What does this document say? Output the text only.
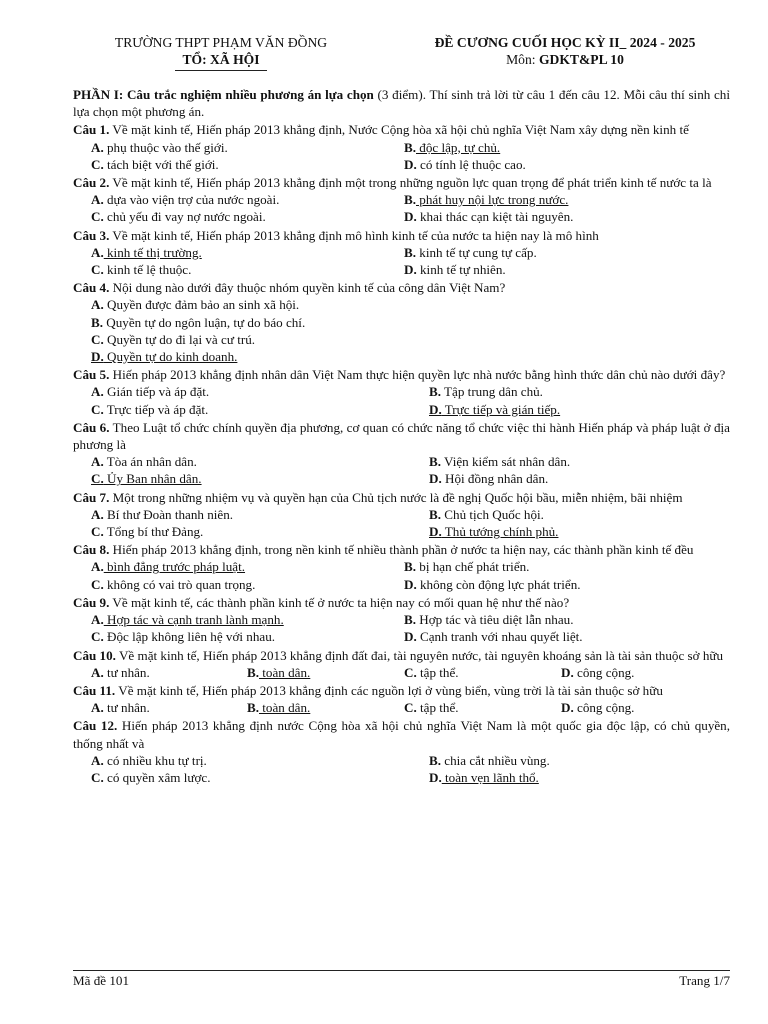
TRƯỜNG THPT PHẠM VĂN ĐỒNG
TỔ: XÃ HỘI
ĐỀ CƯƠNG CUỐI HỌC KỲ II_ 2024 - 2025
Môn: GDKT&PL 10
PHẦN I: Câu trắc nghiệm nhiều phương án lựa chọn (3 điểm). Thí sinh trả lời từ câu 1 đến câu 12. Mỗi câu thí sinh chỉ lựa chọn một phương án.
Câu 1. Về mặt kinh tế, Hiến pháp 2013 khẳng định, Nước Cộng hòa xã hội chủ nghĩa Việt Nam xây dựng nền kinh tế
A. phụ thuộc vào thế giới.	B. độc lập, tự chủ.
C. tách biệt với thế giới.	D. có tính lệ thuộc cao.
Câu 2. Về mặt kinh tế, Hiến pháp 2013 khẳng định một trong những nguồn lực quan trọng để phát triển kinh tế nước ta là
A. dựa vào viện trợ của nước ngoài.	B. phát huy nội lực trong nước.
C. chủ yếu đi vay nợ nước ngoài.	D. khai thác cạn kiệt tài nguyên.
Câu 3. Về mặt kinh tế, Hiến pháp 2013 khẳng định mô hình kinh tế của nước ta hiện nay là mô hình
A. kinh tế thị trường.	B. kinh tế tự cung tự cấp.
C. kinh tế lệ thuộc.	D. kinh tế tự nhiên.
Câu 4. Nội dung nào dưới đây thuộc nhóm quyền kinh tế của công dân Việt Nam?
A. Quyền được đảm bảo an sinh xã hội.
B. Quyền tự do ngôn luận, tự do báo chí.
C. Quyền tự do đi lại và cư trú.
D. Quyền tự do kinh doanh.
Câu 5. Hiến pháp 2013 khẳng định nhân dân Việt Nam thực hiện quyền lực nhà nước bằng hình thức dân chủ nào dưới đây?
A. Gián tiếp và áp đặt.	B. Tập trung dân chủ.
C. Trực tiếp và áp đặt.	D. Trực tiếp và gián tiếp.
Câu 6. Theo Luật tổ chức chính quyền địa phương, cơ quan có chức năng tổ chức việc thi hành Hiến pháp và pháp luật ở địa phương là
A. Tòa án nhân dân.	B. Viện kiểm sát nhân dân.
C. Ủy Ban nhân dân.	D. Hội đồng nhân dân.
Câu 7. Một trong những nhiệm vụ và quyền hạn của Chủ tịch nước là đề nghị Quốc hội bầu, miễn nhiệm, bãi nhiệm
A. Bí thư Đoàn thanh niên.	B. Chủ tịch Quốc hội.
C. Tổng bí thư Đảng.	D. Thủ tướng chính phủ.
Câu 8. Hiến pháp 2013 khẳng định, trong nền kinh tế nhiều thành phần ở nước ta hiện nay, các thành phần kinh tế đều
A. bình đẳng trước pháp luật.	B. bị hạn chế phát triển.
C. không có vai trò quan trọng.	D. không còn động lực phát triển.
Câu 9. Về mặt kinh tế, các thành phần kinh tế ở nước ta hiện nay có mối quan hệ như thế nào?
A. Hợp tác và cạnh tranh lành mạnh.	B. Hợp tác và tiêu diệt lẫn nhau.
C. Độc lập không liên hệ với nhau.	D. Cạnh tranh với nhau quyết liệt.
Câu 10. Về mặt kinh tế, Hiến pháp 2013 khẳng định đất đai, tài nguyên nước, tài nguyên khoáng sản là tài sản thuộc sở hữu
A. tư nhân.	B. toàn dân.	C. tập thể.	D. công cộng.
Câu 11. Về mặt kinh tế, Hiến pháp 2013 khẳng định các nguồn lợi ở vùng biển, vùng trời là tài sản thuộc sở hữu
A. tư nhân.	B. toàn dân.	C. tập thể.	D. công cộng.
Câu 12. Hiến pháp 2013 khẳng định nước Cộng hòa xã hội chủ nghĩa Việt Nam là một quốc gia độc lập, có chủ quyền, thống nhất và
A. có nhiều khu tự trị.	B. chia cắt nhiều vùng.
C. có quyền xâm lược.	D. toàn vẹn lãnh thổ.
Mã đề 101	Trang 1/7
